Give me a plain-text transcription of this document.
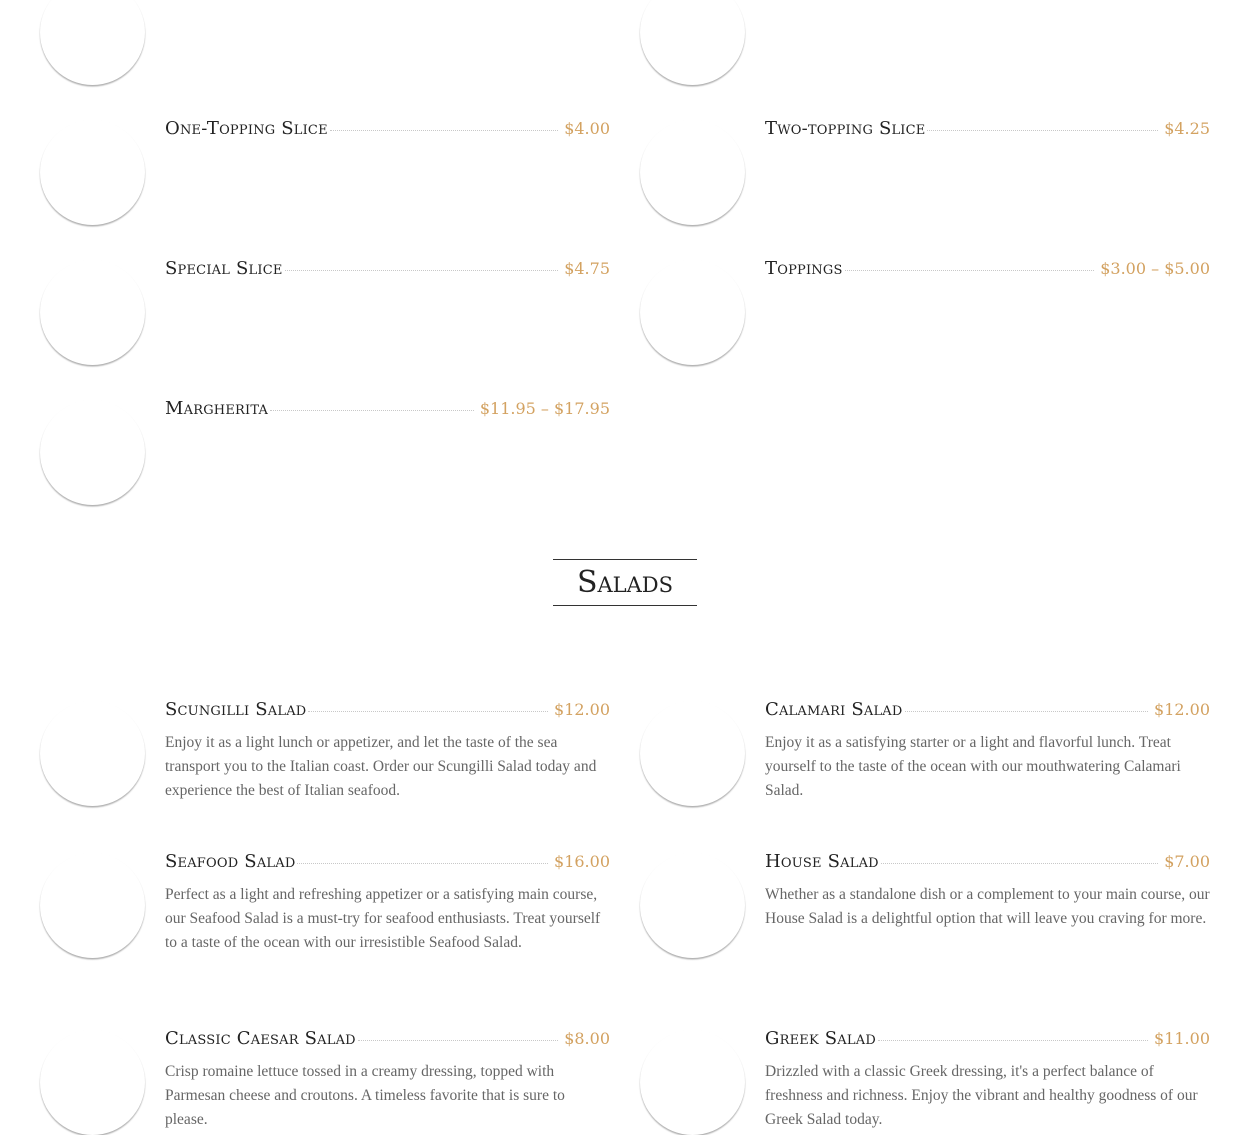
One-Topping Slice	$4.00	Two-topping Slice	$4.25
Special Slice	$4.75	Toppings	$3.00 – $5.00
Margherita	$11.95 – $17.95
Salads
Scungilli Salad	$12.00

Enjoy it as a light lunch or appetizer, and let the taste of the sea transport you to the Italian coast. Order our Scungilli Salad today and experience the best of Italian seafood.

Calamari Salad	$12.00

Enjoy it as a satisfying starter or a light and flavorful lunch. Treat yourself to the taste of the ocean with our mouthwatering Calamari Salad.

Seafood Salad	$16.00

Perfect as a light and refreshing appetizer or a satisfying main course, our Seafood Salad is a must-try for seafood enthusiasts. Treat yourself to a taste of the ocean with our irresistible Seafood Salad.

House Salad	$7.00

Whether as a standalone dish or a complement to your main course, our House Salad is a delightful option that will leave you craving for more.

Classic Caesar Salad	$8.00

Crisp romaine lettuce tossed in a creamy dressing, topped with Parmesan cheese and croutons. A timeless favorite that is sure to please.

Greek Salad	$11.00

Drizzled with a classic Greek dressing, it's a perfect balance of freshness and richness. Enjoy the vibrant and healthy goodness of our Greek Salad today.
